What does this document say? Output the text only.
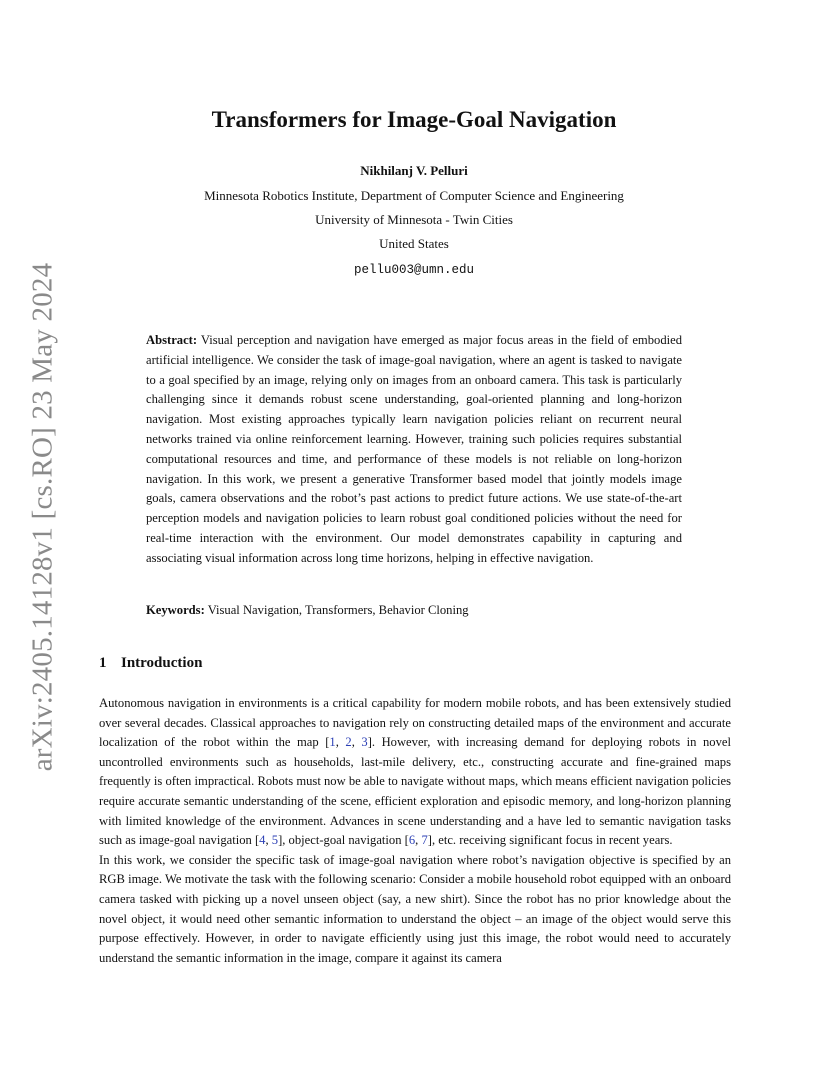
arXiv:2405.14128v1 [cs.RO] 23 May 2024
Transformers for Image-Goal Navigation
Nikhilanj V. Pelluri
Minnesota Robotics Institute, Department of Computer Science and Engineering
University of Minnesota - Twin Cities
United States
pellu003@umn.edu
Abstract: Visual perception and navigation have emerged as major focus areas in the field of embodied artificial intelligence. We consider the task of image-goal navigation, where an agent is tasked to navigate to a goal specified by an image, relying only on images from an onboard camera. This task is particularly challenging since it demands robust scene understanding, goal-oriented planning and long-horizon navigation. Most existing approaches typically learn navigation policies reliant on recurrent neural networks trained via online reinforcement learning. However, training such policies requires substantial computational resources and time, and performance of these models is not reliable on long-horizon navigation. In this work, we present a generative Transformer based model that jointly models image goals, camera observations and the robot’s past actions to predict future actions. We use state-of-the-art perception models and navigation policies to learn robust goal conditioned policies without the need for real-time interaction with the environment. Our model demonstrates capability in capturing and associating visual information across long time horizons, helping in effective navigation.
Keywords: Visual Navigation, Transformers, Behavior Cloning
1 Introduction

Autonomous navigation in environments is a critical capability for modern mobile robots, and has been extensively studied over several decades. Classical approaches to navigation rely on constructing detailed maps of the environment and accurate localization of the robot within the map [1, 2, 3]. However, with increasing demand for deploying robots in novel uncontrolled environments such as households, last-mile delivery, etc., constructing accurate and fine-grained maps frequently is often impractical. Robots must now be able to navigate without maps, which means efficient navigation policies require accurate semantic understanding of the scene, efficient exploration and episodic memory, and long-horizon planning with limited knowledge of the environment. Advances in scene understanding and a have led to semantic navigation tasks such as image-goal navigation [4, 5], object-goal navigation [6, 7], etc. receiving significant focus in recent years.

In this work, we consider the specific task of image-goal navigation where robot’s navigation objective is specified by an RGB image. We motivate the task with the following scenario: Consider a mobile household robot equipped with an onboard camera tasked with picking up a novel unseen object (say, a new shirt). Since the robot has no prior knowledge about the novel object, it would need other semantic information to understand the object – an image of the object would serve this purpose effectively. However, in order to navigate efficiently using just this image, the robot would need to accurately understand the semantic information in the image, compare it against its camera
